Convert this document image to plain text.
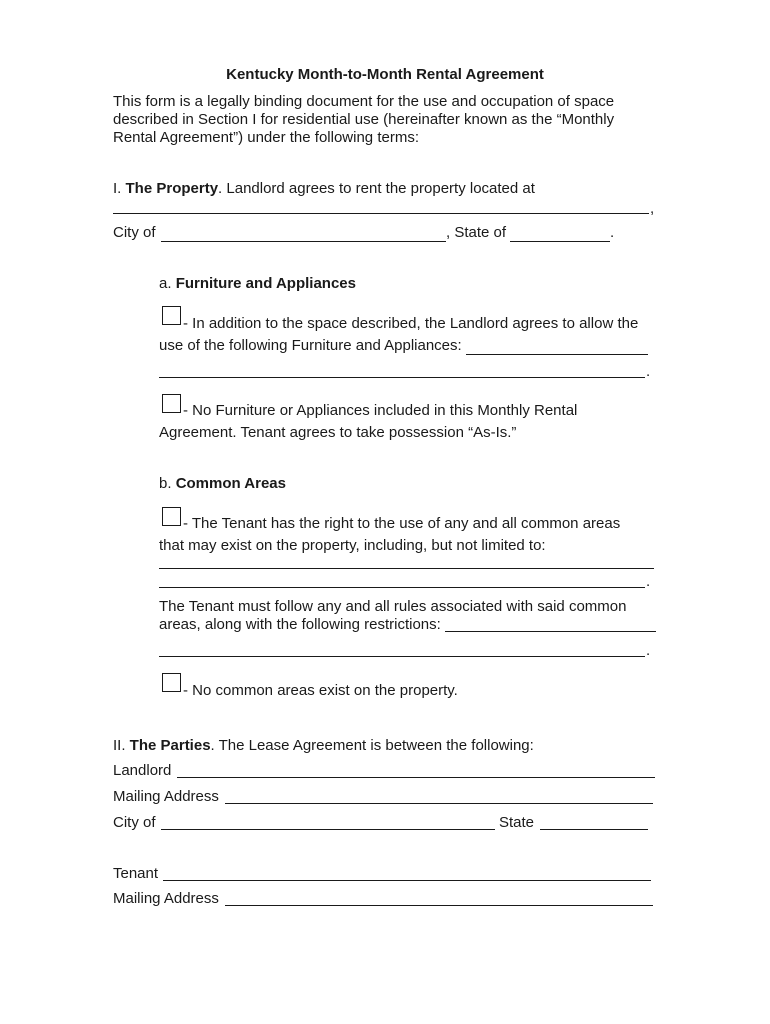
Kentucky Month-to-Month Rental Agreement
This form is a legally binding document for the use and occupation of space
described in Section I for residential use (hereinafter known as the “Monthly
Rental Agreement”) under the following terms:
I. The Property. Landlord agrees to rent the property located at
,
City of	, State of	.
a. Furniture and Appliances
- In addition to the space described, the Landlord agrees to allow the
use of the following Furniture and Appliances:
.
- No Furniture or Appliances included in this Monthly Rental
Agreement. Tenant agrees to take possession “As-Is.”
b. Common Areas
- The Tenant has the right to the use of any and all common areas
that may exist on the property, including, but not limited to:
.
The Tenant must follow any and all rules associated with said common
areas, along with the following restrictions:
.
- No common areas exist on the property.
II. The Parties. The Lease Agreement is between the following:
Landlord
Mailing Address
City of	State
Tenant
Mailing Address
